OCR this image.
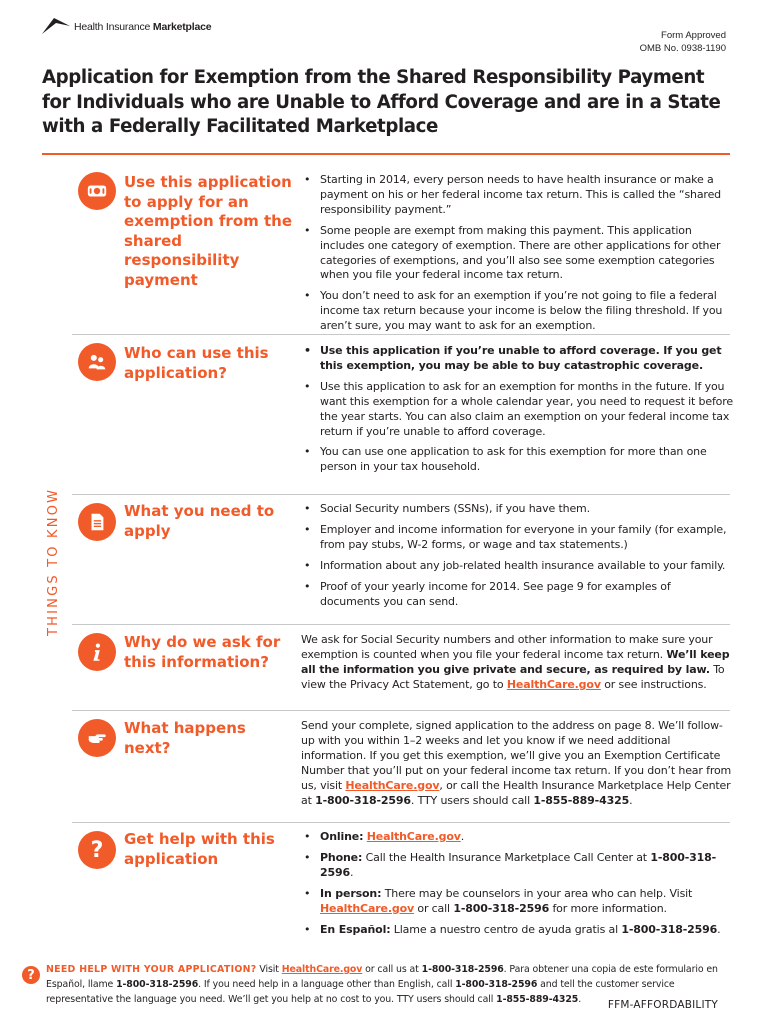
Health Insurance Marketplace
Form Approved
OMB No. 0938-1190
Application for Exemption from the Shared Responsibility Payment for Individuals who are Unable to Afford Coverage and are in a State with a Federally Facilitated Marketplace
THINGS TO KNOW
Use this application to apply for an exemption from the shared responsibility payment
• Starting in 2014, every person needs to have health insurance or make a payment on his or her federal income tax return. This is called the “shared responsibility payment.”
• Some people are exempt from making this payment. This application includes one category of exemption. There are other applications for other categories of exemptions, and you’ll also see some exemption categories when you file your federal income tax return.
• You don’t need to ask for an exemption if you’re not going to file a federal income tax return because your income is below the filing threshold. If you aren’t sure, you may want to ask for an exemption.
Who can use this application?
• Use this application if you’re unable to afford coverage. If you get this exemption, you may be able to buy catastrophic coverage.
• Use this application to ask for an exemption for months in the future. If you want this exemption for a whole calendar year, you need to request it before the year starts. You can also claim an exemption on your federal income tax return if you’re unable to afford coverage.
• You can use one application to ask for this exemption for more than one person in your tax household.
What you need to apply
• Social Security numbers (SSNs), if you have them.
• Employer and income information for everyone in your family (for example, from pay stubs, W-2 forms, or wage and tax statements.)
• Information about any job-related health insurance available to your family.
• Proof of your yearly income for 2014. See page 9 for examples of documents you can send.
Why do we ask for this information?

We ask for Social Security numbers and other information to make sure your exemption is counted when you file your federal income tax return. We’ll keep all the information you give private and secure, as required by law. To view the Privacy Act Statement, go to HealthCare.gov or see instructions.

What happens next?

Send your complete, signed application to the address on page 8. We’ll follow-up with you within 1–2 weeks and let you know if we need additional information. If you get this exemption, we’ll give you an Exemption Certificate Number that you’ll put on your federal income tax return. If you don’t hear from us, visit HealthCare.gov, or call the Health Insurance Marketplace Help Center at 1-800-318-2596. TTY users should call 1-855-889-4325.

? Get help with this application
• Online: HealthCare.gov.
• Phone: Call the Health Insurance Marketplace Call Center at 1-800-318-2596.
• In person: There may be counselors in your area who can help. Visit HealthCare.gov or call 1-800-318-2596 for more information.
• En Español: Llame a nuestro centro de ayuda gratis al 1-800-318-2596.
?	NEED HELP WITH YOUR APPLICATION? Visit HealthCare.gov or call us at 1-800-318-2596. Para obtener una copia de este formulario en Español, llame 1-800-318-2596. If you need help in a language other than English, call 1-800-318-2596 and tell the customer service representative the language you need. We’ll get you help at no cost to you. TTY users should call 1-855-889-4325.	FFM-AFFORDABILITY
